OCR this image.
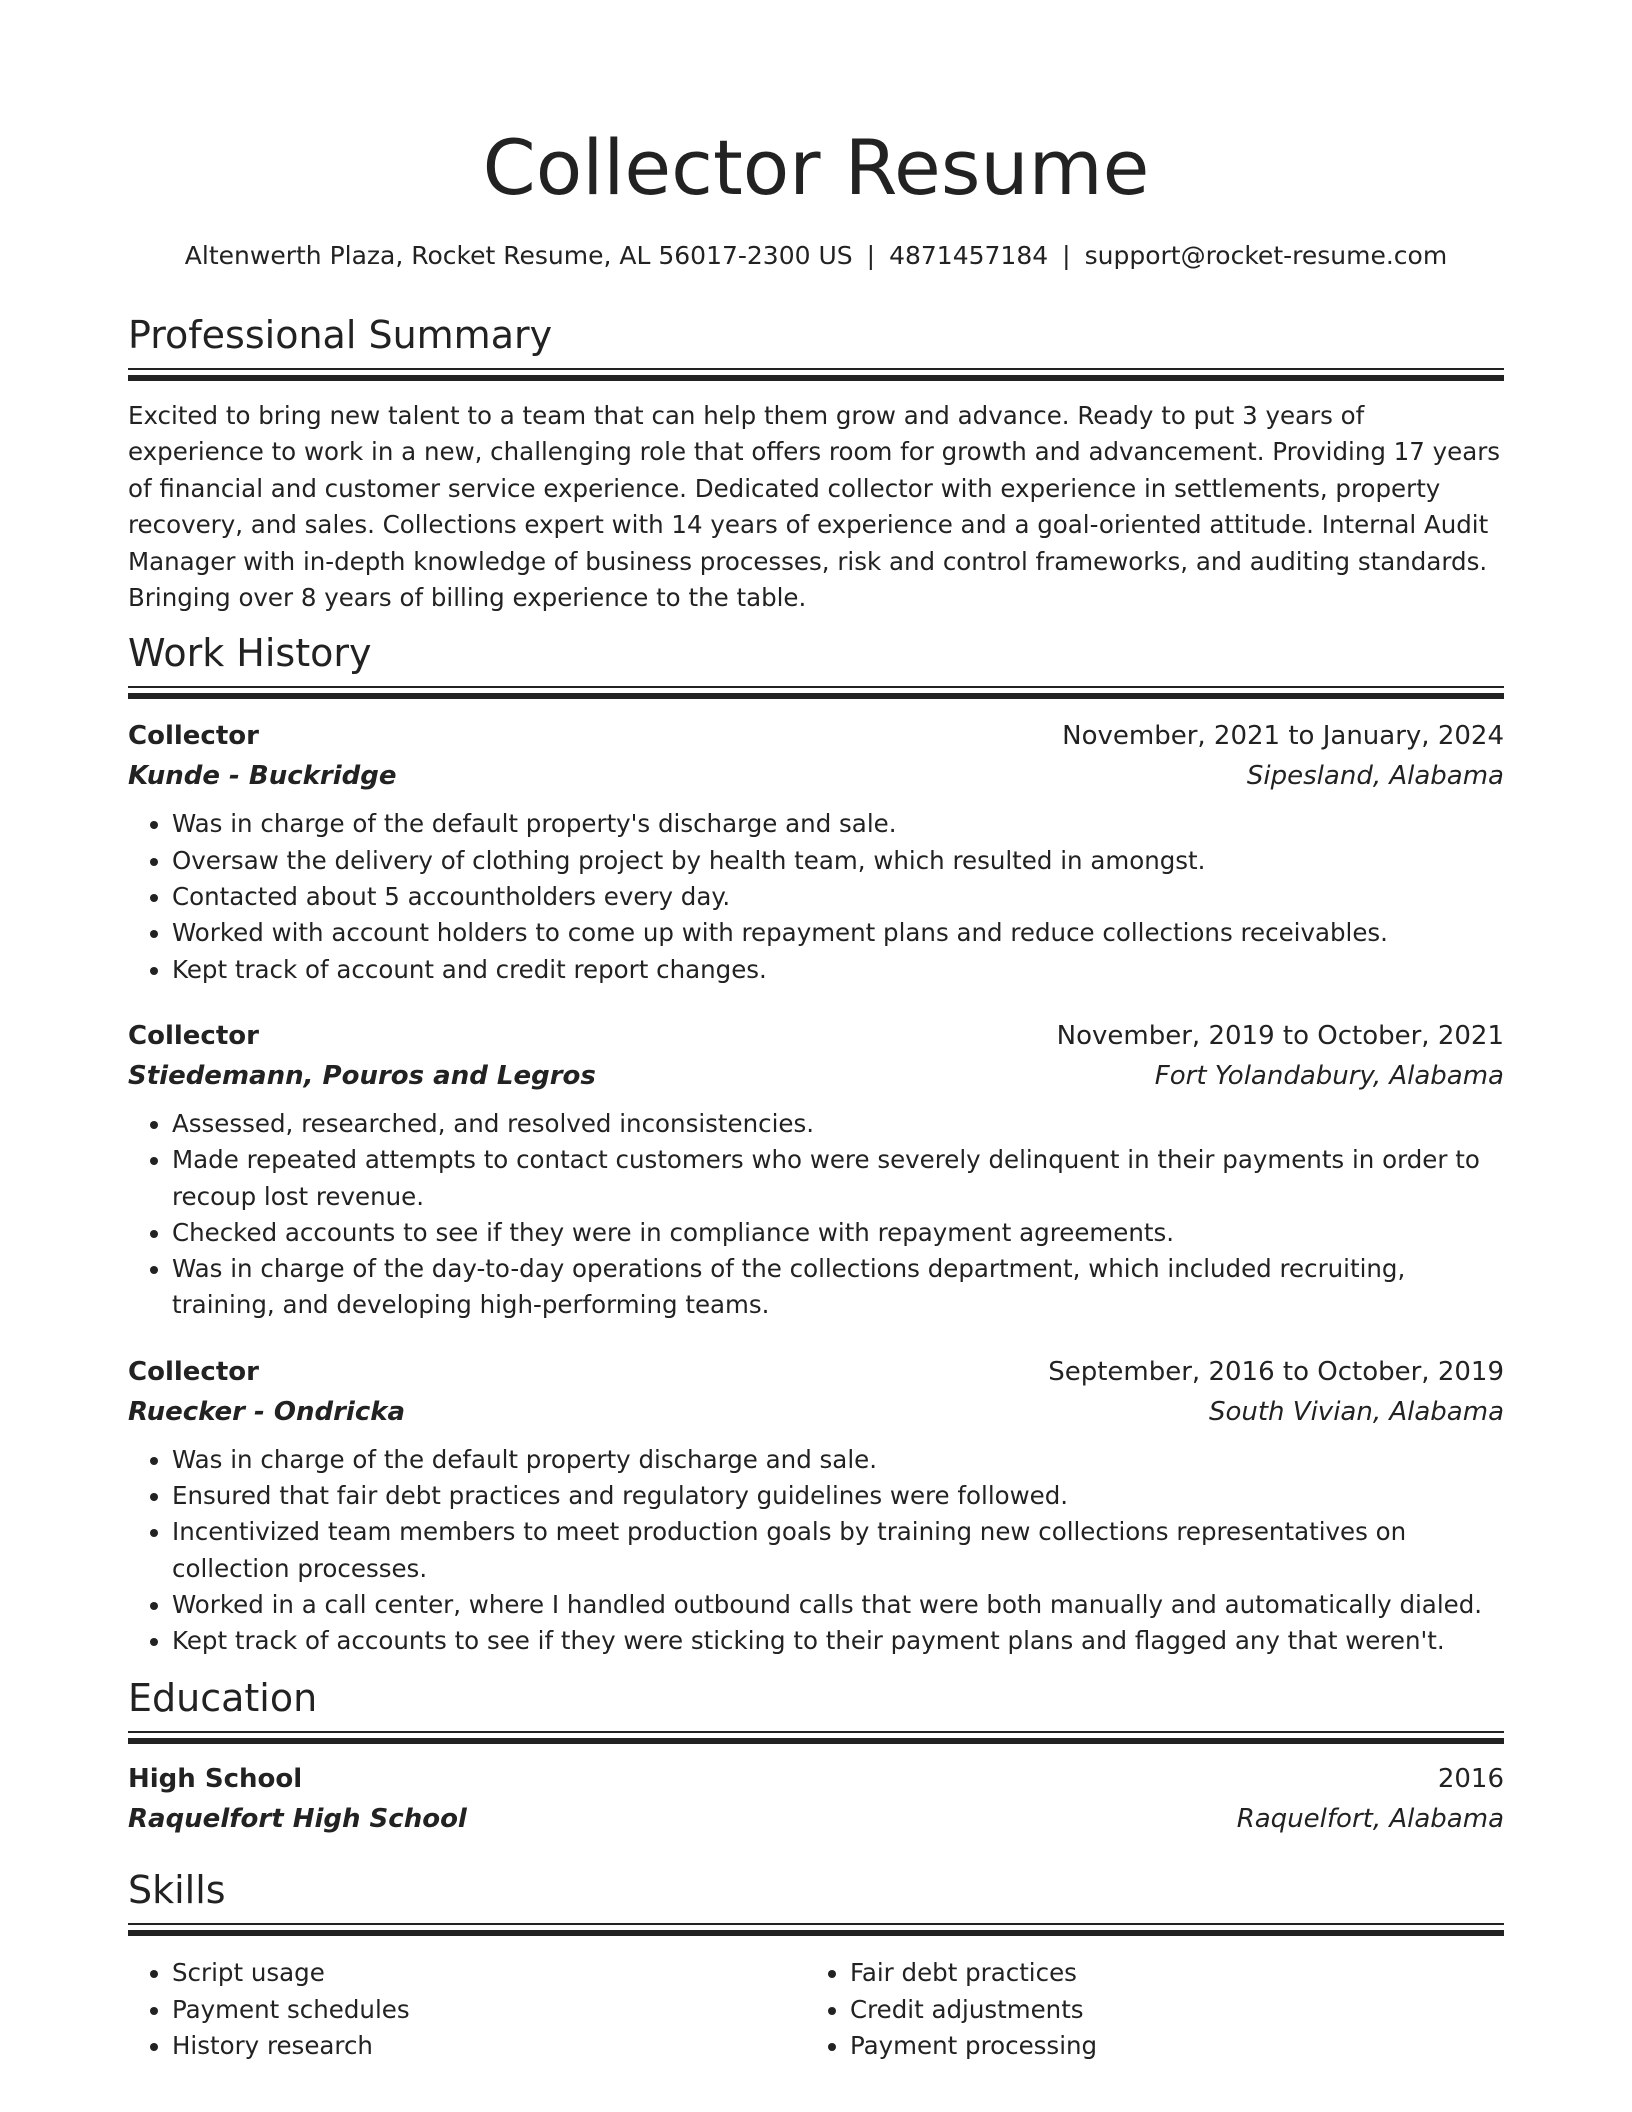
Collector Resume
Altenwerth Plaza, Rocket Resume, AL 56017-2300 US | 4871457184 | support@rocket-resume.com
Professional Summary

Excited to bring new talent to a team that can help them grow and advance. Ready to put 3 years of experience to work in a new, challenging role that offers room for growth and advancement. Providing 17 years of financial and customer service experience. Dedicated collector with experience in settlements, property recovery, and sales. Collections expert with 14 years of experience and a goal-oriented attitude. Internal Audit Manager with in-depth knowledge of business processes, risk and control frameworks, and auditing standards. Bringing over 8 years of billing experience to the table.

Work History
Collector	November, 2021 to January, 2024
Kunde - Buckridge	Sipesland, Alabama
• Was in charge of the default property's discharge and sale.
• Oversaw the delivery of clothing project by health team, which resulted in amongst.
• Contacted about 5 accountholders every day.
• Worked with account holders to come up with repayment plans and reduce collections receivables.
• Kept track of account and credit report changes.
Collector	November, 2019 to October, 2021
Stiedemann, Pouros and Legros	Fort Yolandabury, Alabama
• Assessed, researched, and resolved inconsistencies.
• Made repeated attempts to contact customers who were severely delinquent in their payments in order to recoup lost revenue.
• Checked accounts to see if they were in compliance with repayment agreements.
• Was in charge of the day-to-day operations of the collections department, which included recruiting, training, and developing high-performing teams.
Collector	September, 2016 to October, 2019
Ruecker - Ondricka	South Vivian, Alabama
• Was in charge of the default property discharge and sale.
• Ensured that fair debt practices and regulatory guidelines were followed.
• Incentivized team members to meet production goals by training new collections representatives on collection processes.
• Worked in a call center, where I handled outbound calls that were both manually and automatically dialed.
• Kept track of accounts to see if they were sticking to their payment plans and flagged any that weren't.
Education
High School	2016
Raquelfort High School	Raquelfort, Alabama
Skills
• Script usage
• Payment schedules
• History research
• Fair debt practices
• Credit adjustments
• Payment processing
